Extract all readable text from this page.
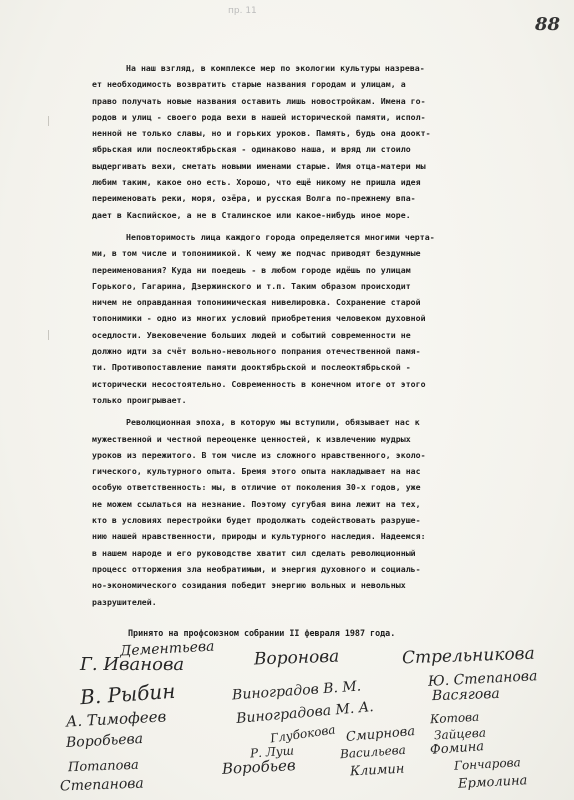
пр. 11
88
На наш взгляд, в комплексе мер по экологии культуры назрева-
ет необходимость возвратить старые названия городам и улицам, а
право получать новые названия оставить лишь новостройкам. Имена го-
родов и улиц - своего рода вехи в нашей исторической памяти, испол-
ненной не только славы, но и горьких уроков. Память, будь она доокт-
ябрьская или послеоктябрьская - одинаково наша, и вряд ли стоило
выдергивать вехи, сметать новыми именами старые. Имя отца-матери мы
любим таким, какое оно есть. Хорошо, что ещё никому не пришла идея
переименовать реки, моря, озёра, и русская Волга по-прежнему впа-
дает в Каспийское, а не в Сталинское или какое-нибудь иное море.
Неповторимость лица каждого города определяется многими черта-
ми, в том числе и топонимикой. К чему же подчас приводят бездумные
переименования? Куда ни поедешь - в любом городе идёшь по улицам
Горького, Гагарина, Дзержинского и т.п. Таким образом происходит
ничем не оправданная топонимическая нивелировка. Сохранение старой
топонимики - одно из многих условий приобретения человеком духовной
оседлости. Увековечение больших людей и событий современности не
должно идти за счёт вольно-невольного попрания отечественной памя-
ти. Противопоставление памяти дооктябрьской и послеоктябрьской -
исторически несостоятельно. Современность в конечном итоге от этого
только проигрывает.
Революционная эпоха, в которую мы вступили, обязывает нас к
мужественной и честной переоценке ценностей, к извлечению мудрых
уроков из пережитого. В том числе из сложного нравственного, эколо-
гического, культурного опыта. Бремя этого опыта накладывает на нас
особую ответственность: мы, в отличие от поколения 30-х годов, уже
не можем ссылаться на незнание. Поэтому сугубая вина лежит на тех,
кто в условиях перестройки будет продолжать содействовать разруше-
нию нашей нравственности, природы и культурного наследия. Надеемся:
в нашем народе и его руководстве хватит сил сделать революционный
процесс отторжения зла необратимым, и энергия духовного и социаль-
но-экономического созидания победит энергию вольных и невольных
разрушителей.
Принято на профсоюзном собрании II февраля 1987 года.
Дементьева
Г. Иванова	Воронова	Стрельникова
Ю. Степанова
Васягова
В. Рыбин	Виноградов В. М.
Котова
А. Тимофеев	Виноградова М. А.
Воробьева
Воробьев
Глубокова Смирнова
Васильева Фомина
Р. Луш
Зайцева
Гончарова
Потапова	Климин
Ермолина
Степанова
